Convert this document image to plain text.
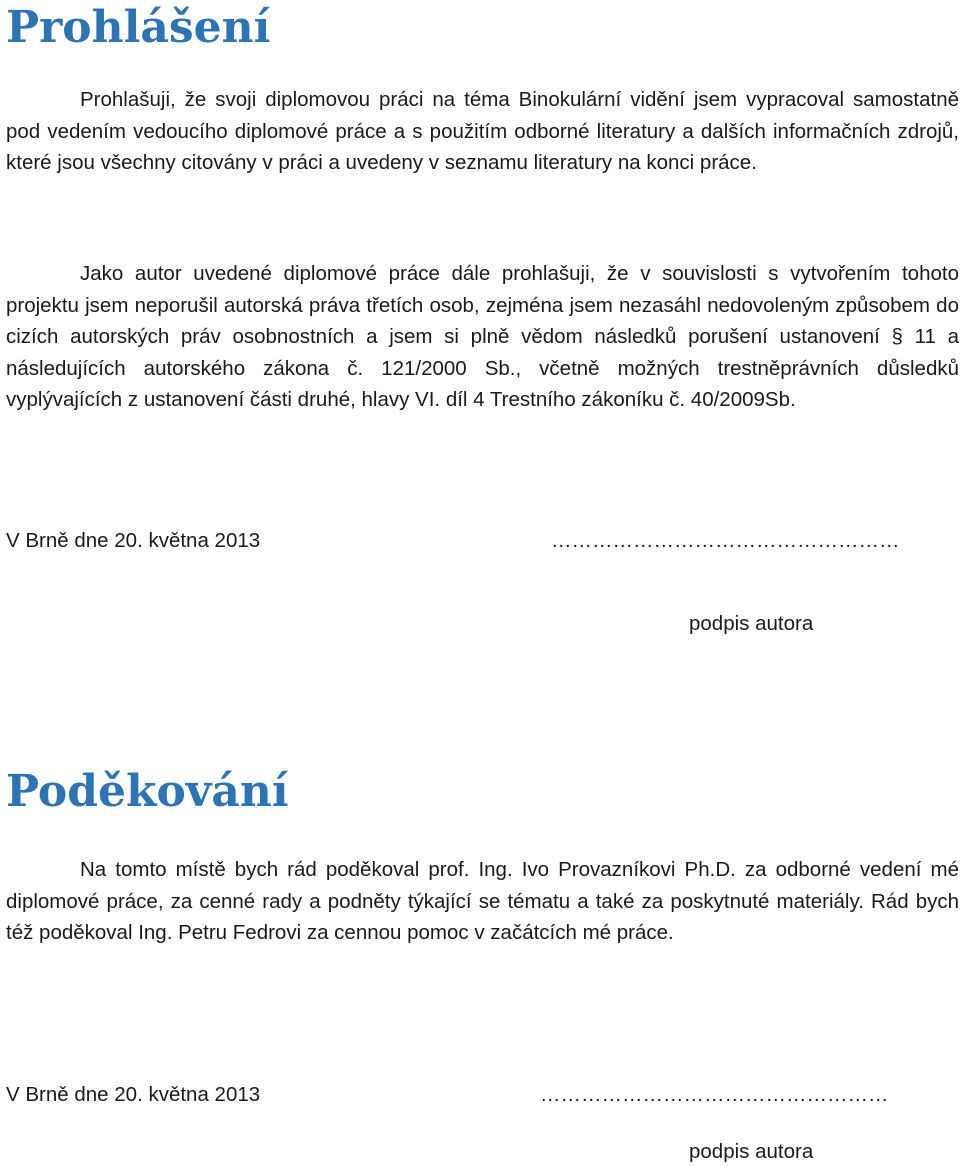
Prohlášení

Prohlašuji, že svoji diplomovou práci na téma Binokulární vidění jsem vypracoval samostatně pod vedením vedoucího diplomové práce a s použitím odborné literatury a dalších informačních zdrojů, které jsou všechny citovány v práci a uvedeny v seznamu literatury na konci práce.

Jako autor uvedené diplomové práce dále prohlašuji, že v souvislosti s vytvořením tohoto projektu jsem neporušil autorská práva třetích osob, zejména jsem nezasáhl nedovoleným způsobem do cizích autorských práv osobnostních a jsem si plně vědom následků porušení ustanovení § 11 a následujících autorského zákona č. 121/2000 Sb., včetně možných trestněprávních důsledků vyplývajících z ustanovení části druhé, hlavy VI. díl 4 Trestního zákoníku č. 40/2009Sb.

V Brně dne 20. května 2013	……………………………………………
podpis autora
Poděkování

Na tomto místě bych rád poděkoval prof. Ing. Ivo Provazníkovi Ph.D. za odborné vedení mé diplomové práce, za cenné rady a podněty týkající se tématu a také za poskytnuté materiály. Rád bych též poděkoval Ing. Petru Fedrovi za cennou pomoc v začátcích mé práce.

V Brně dne 20. května 2013	……………………………………………
podpis autora
